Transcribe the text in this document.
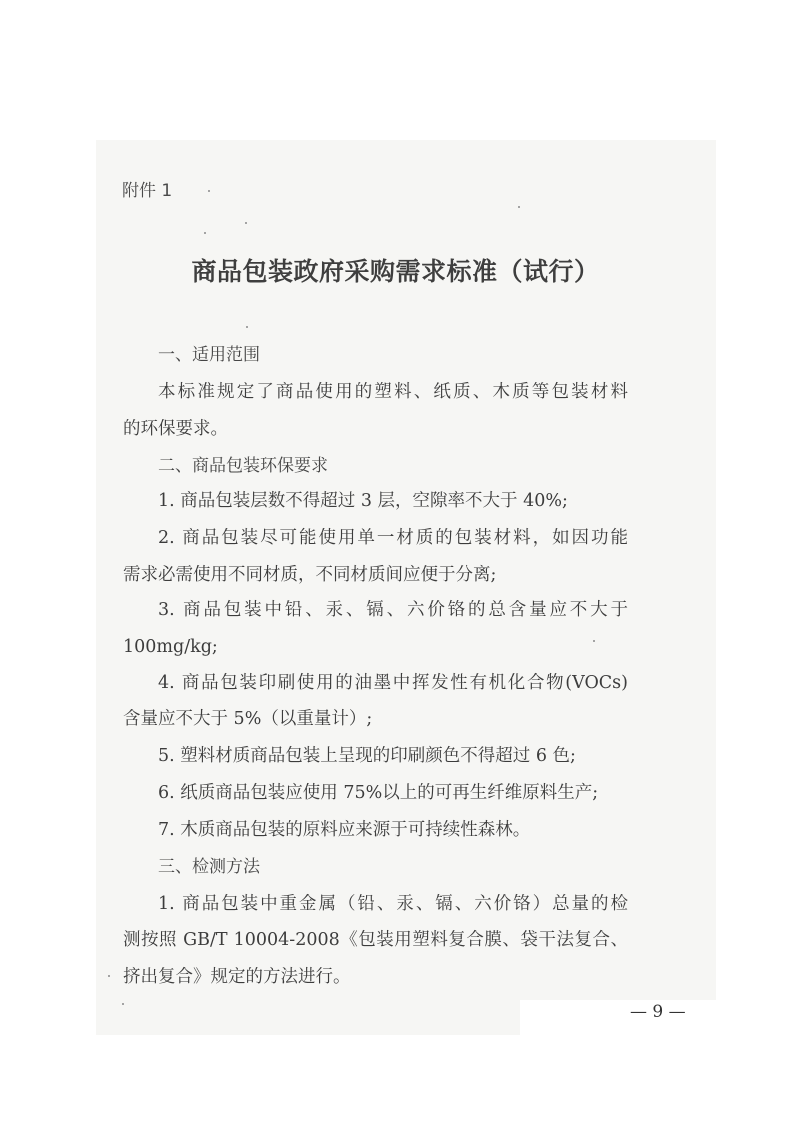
附件 1
商品包装政府采购需求标准（试行）
一、适用范围
本标准规定了商品使用的塑料、纸质、木质等包装材料
的环保要求。
二、商品包装环保要求
1. 商品包装层数不得超过 3 层，空隙率不大于 40%;
2. 商品包装尽可能使用单一材质的包装材料，如因功能
需求必需使用不同材质，不同材质间应便于分离;
3. 商品包装中铅、汞、镉、六价铬的总含量应不大于
100mg/kg;
4. 商品包装印刷使用的油墨中挥发性有机化合物(VOCs)
含量应不大于 5%（以重量计）;
5. 塑料材质商品包装上呈现的印刷颜色不得超过 6 色;
6. 纸质商品包装应使用 75%以上的可再生纤维原料生产;
7. 木质商品包装的原料应来源于可持续性森林。
三、检测方法
1. 商品包装中重金属（铅、汞、镉、六价铬）总量的检
测按照 GB/T 10004-2008《包装用塑料复合膜、袋干法复合、
挤出复合》规定的方法进行。
— 9 —
